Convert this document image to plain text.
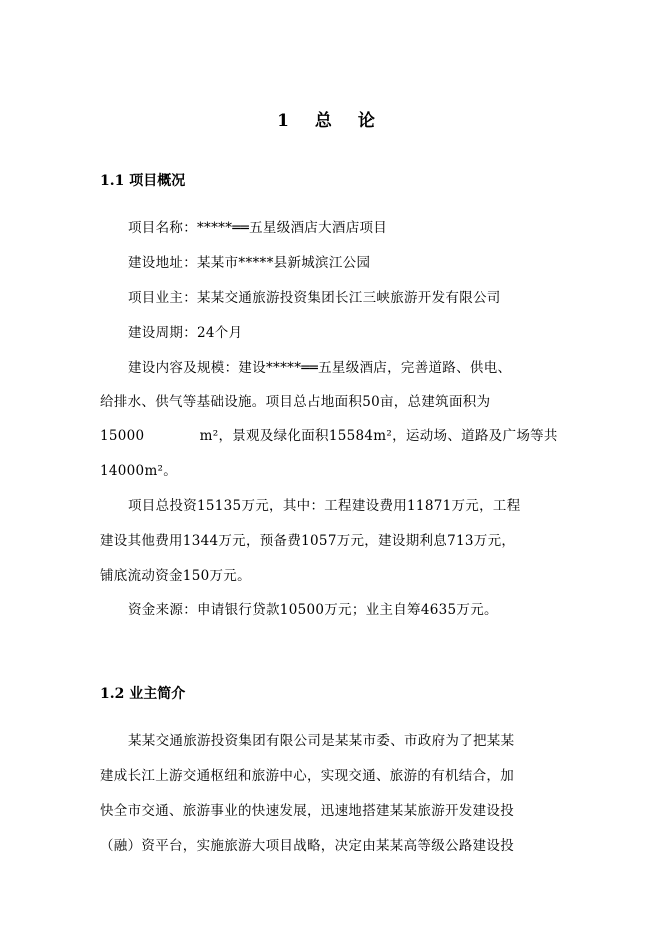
1 总 论
1.1 项目概况
项目名称：*****══五星级酒店大酒店项目
建设地址：某某市*****县新城滨江公园
项目业主：某某交通旅游投资集团长江三峡旅游开发有限公司
建设周期：24个月
建设内容及规模：建设*****══五星级酒店，完善道路、供电、
给排水、供气等基础设施。项目总占地面积50亩，总建筑面积为
15000　　　　m²，景观及绿化面积15584m²，运动场、道路及广场等共
14000m²。
项目总投资15135万元，其中：工程建设费用11871万元，工程
建设其他费用1344万元，预备费1057万元，建设期利息713万元，
铺底流动资金150万元。
资金来源：申请银行贷款10500万元；业主自筹4635万元。
1.2 业主简介
某某交通旅游投资集团有限公司是某某市委、市政府为了把某某
建成长江上游交通枢纽和旅游中心，实现交通、旅游的有机结合，加
快全市交通、旅游事业的快速发展，迅速地搭建某某旅游开发建设投
（融）资平台，实施旅游大项目战略，决定由某某高等级公路建设投
